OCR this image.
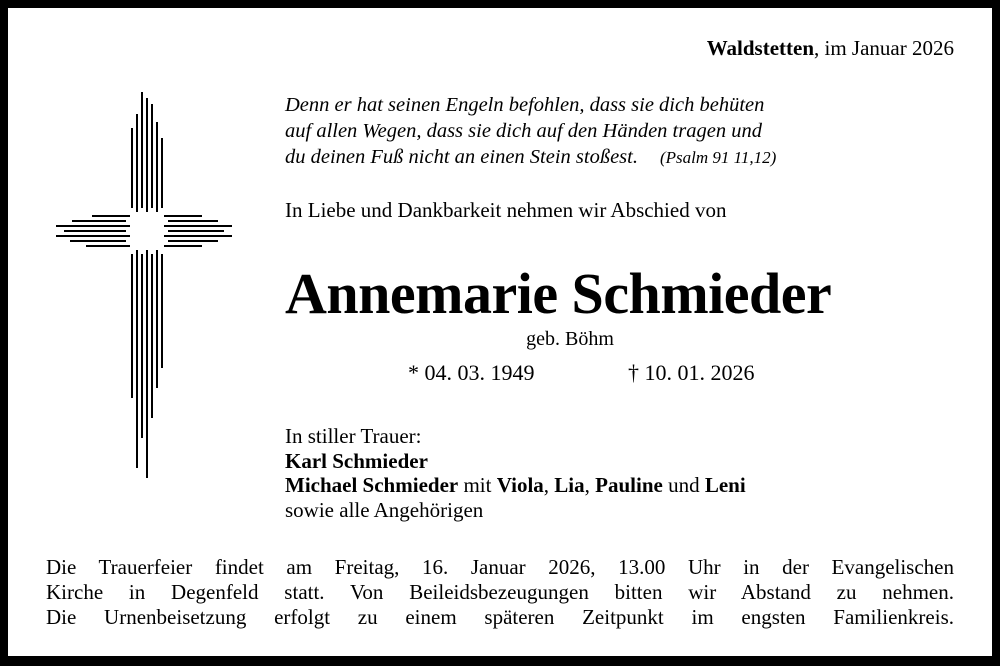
Waldstetten, im Januar 2026
Denn er hat seinen Engeln befohlen, dass sie dich behüten
auf allen Wegen, dass sie dich auf den Händen tragen und
du deinen Fuß nicht an einen Stein stoßest. (Psalm 91 11,12)
In Liebe und Dankbarkeit nehmen wir Abschied von
Annemarie Schmieder
geb. Böhm
* 04. 03. 1949	† 10. 01. 2026
In stiller Trauer:
Karl Schmieder
Michael Schmieder mit Viola, Lia, Pauline und Leni
sowie alle Angehörigen
Die Trauerfeier findet am Freitag, 16. Januar 2026, 13.00 Uhr in der Evangelischen
Kirche in Degenfeld statt. Von Beileidsbezeugungen bitten wir Abstand zu nehmen.
Die Urnenbeisetzung erfolgt zu einem späteren Zeitpunkt im engsten Familienkreis.
